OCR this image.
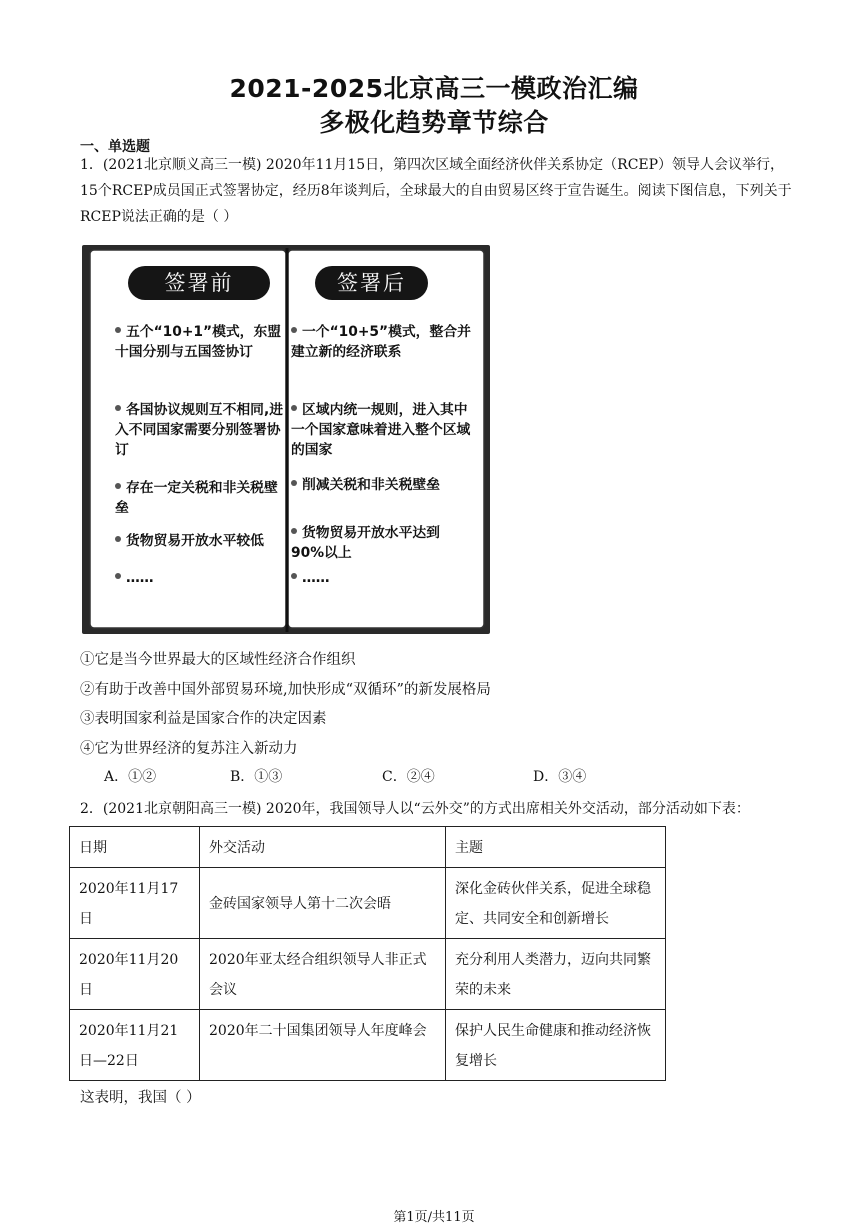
2021-2025北京高三一模政治汇编
多极化趋势章节综合
一、单选题
1．(2021北京顺义高三一模) 2020年11月15日，第四次区域全面经济伙伴关系协定（RCEP）领导人会议举行，15个RCEP成员国正式签署协定，经历8年谈判后，全球最大的自由贸易区终于宣告诞生。阅读下图信息，下列关于RCEP说法正确的是（ ）
签署前	签署后
五个“10+1”模式，东盟十国分别与五国签协订
各国协议规则互不相同,进入不同国家需要分别签署协订
存在一定关税和非关税壁垒
货物贸易开放水平较低
……
一个“10+5”模式，整合并建立新的经济联系
区域内统一规则，进入其中一个国家意味着进入整个区域的国家
削减关税和非关税壁垒
货物贸易开放水平达到90%以上
……
①它是当今世界最大的区域性经济合作组织
②有助于改善中国外部贸易环境,加快形成“双循环”的新发展格局
③表明国家利益是国家合作的决定因素
④它为世界经济的复苏注入新动力
A．①②	B．①③	C．②④	D．③④
2．(2021北京朝阳高三一模) 2020年，我国领导人以“云外交”的方式出席相关外交活动，部分活动如下表：
日期	外交活动	主题
2020年11月17日	金砖国家领导人第十二次会晤	深化金砖伙伴关系，促进全球稳定、共同安全和创新增长
2020年11月20日	2020年亚太经合组织领导人非正式会议	充分利用人类潜力，迈向共同繁荣的未来
2020年11月21日—22日	2020年二十国集团领导人年度峰会	保护人民生命健康和推动经济恢复增长
这表明，我国（ ）
第1页/共11页
